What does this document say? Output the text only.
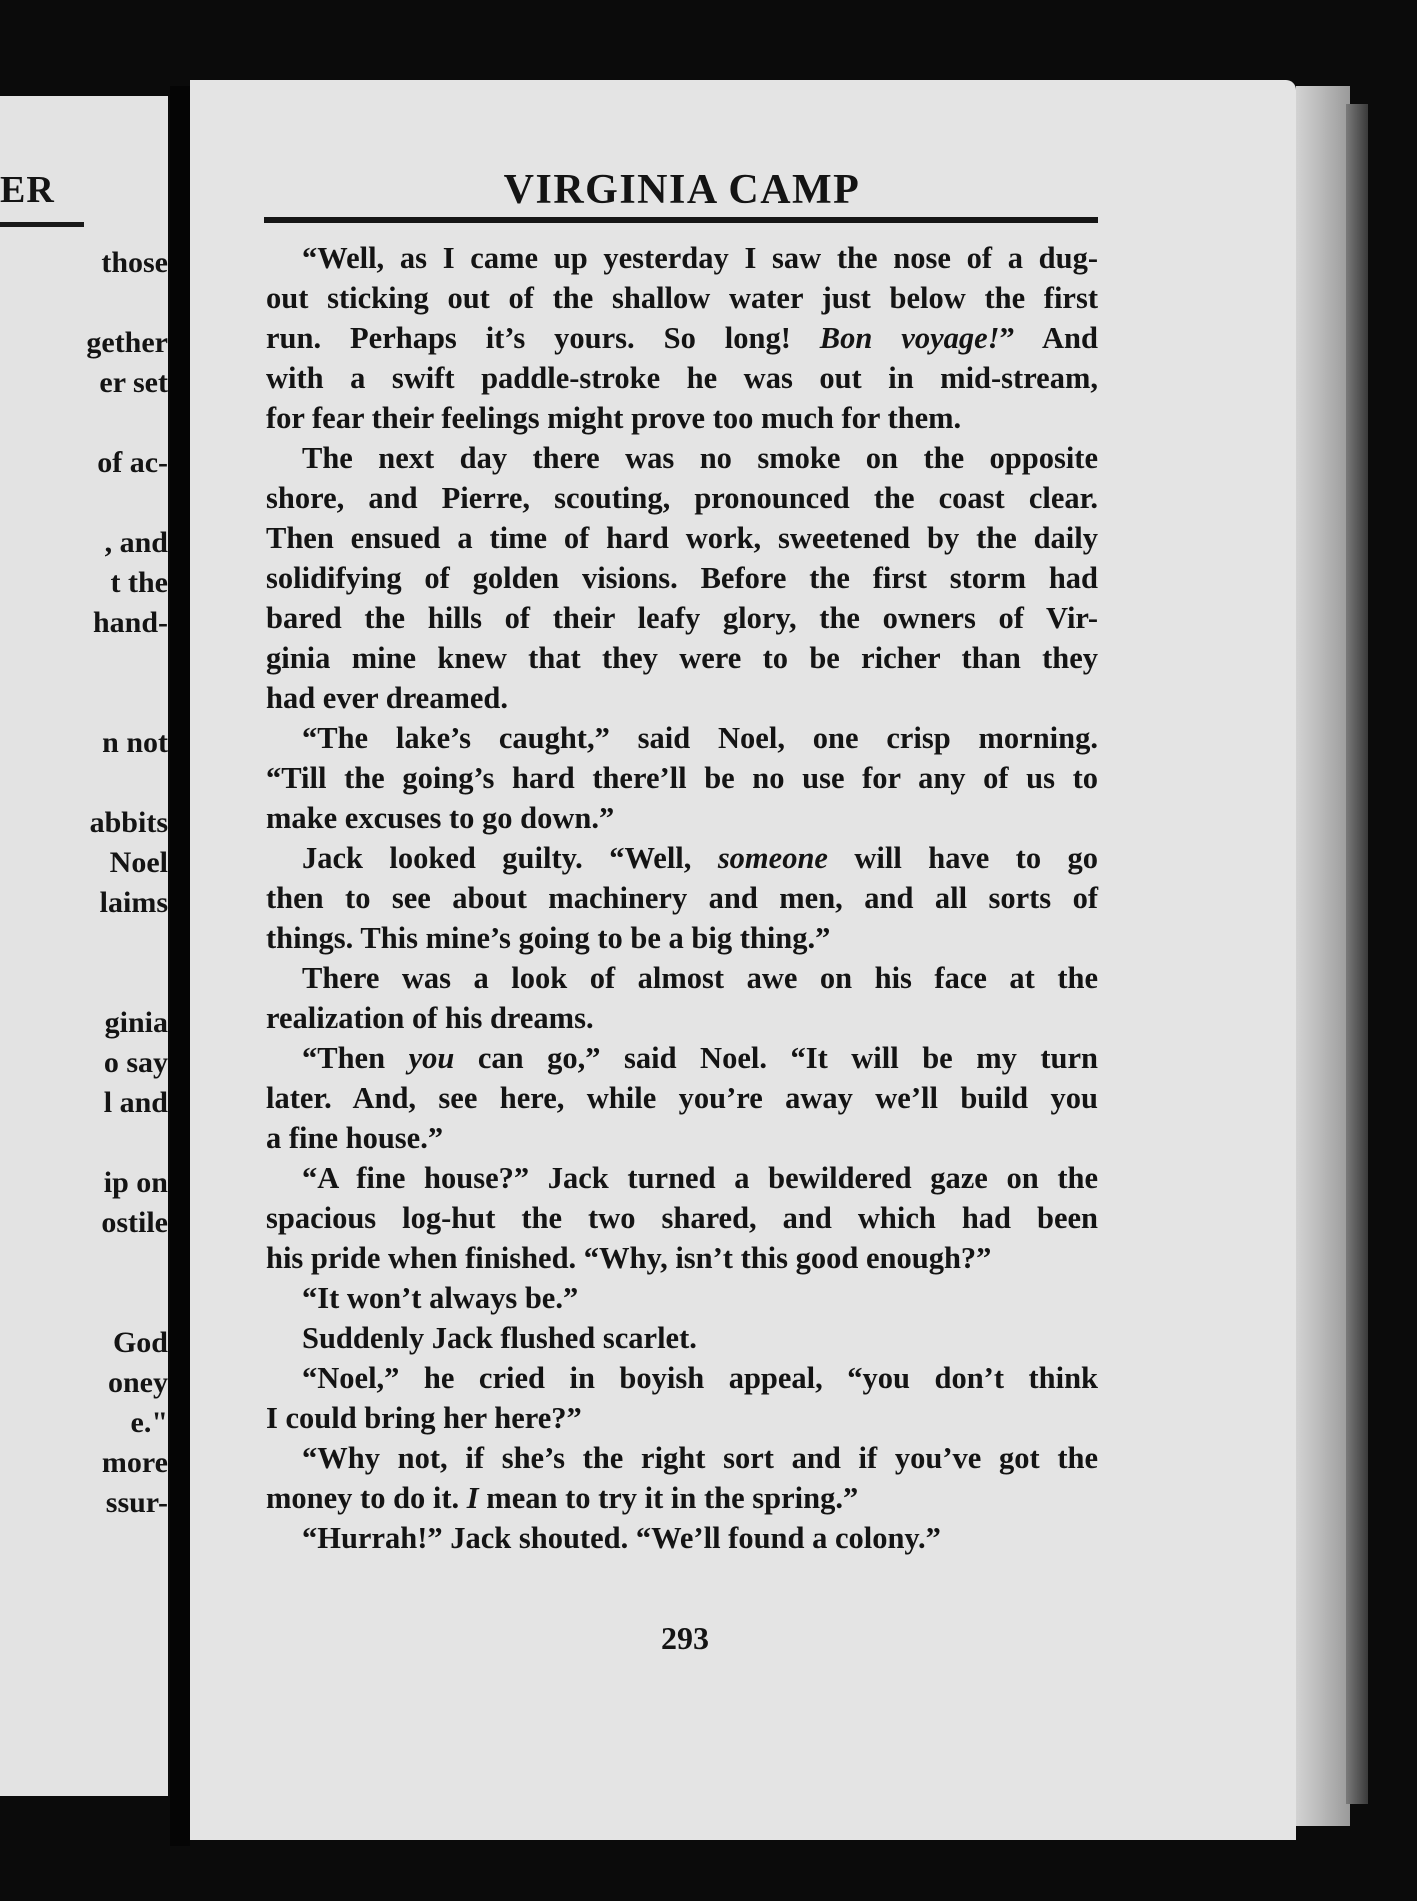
ER
those
gether
er set
of ac-
, and
t the
hand-
n not
abbits
Noel
laims
ginia
o say
l and
ip on
ostile
God
oney
e."
more
ssur-
VIRGINIA CAMP
“Well, as I came up yesterday I saw the nose of a dug-
out sticking out of the shallow water just below the first
run. Perhaps it’s yours. So long! Bon voyage!” And
with a swift paddle-stroke he was out in mid-stream,
for fear their feelings might prove too much for them.
The next day there was no smoke on the opposite
shore, and Pierre, scouting, pronounced the coast clear.
Then ensued a time of hard work, sweetened by the daily
solidifying of golden visions. Before the first storm had
bared the hills of their leafy glory, the owners of Vir-
ginia mine knew that they were to be richer than they
had ever dreamed.
“The lake’s caught,” said Noel, one crisp morning.
“Till the going’s hard there’ll be no use for any of us to
make excuses to go down.”
Jack looked guilty. “Well, someone will have to go
then to see about machinery and men, and all sorts of
things. This mine’s going to be a big thing.”
There was a look of almost awe on his face at the
realization of his dreams.
“Then you can go,” said Noel. “It will be my turn
later. And, see here, while you’re away we’ll build you
a fine house.”
“A fine house?” Jack turned a bewildered gaze on the
spacious log-hut the two shared, and which had been
his pride when finished. “Why, isn’t this good enough?”
“It won’t always be.”
Suddenly Jack flushed scarlet.
“Noel,” he cried in boyish appeal, “you don’t think
I could bring her here?”
“Why not, if she’s the right sort and if you’ve got the
money to do it. I mean to try it in the spring.”
“Hurrah!” Jack shouted. “We’ll found a colony.”
293
